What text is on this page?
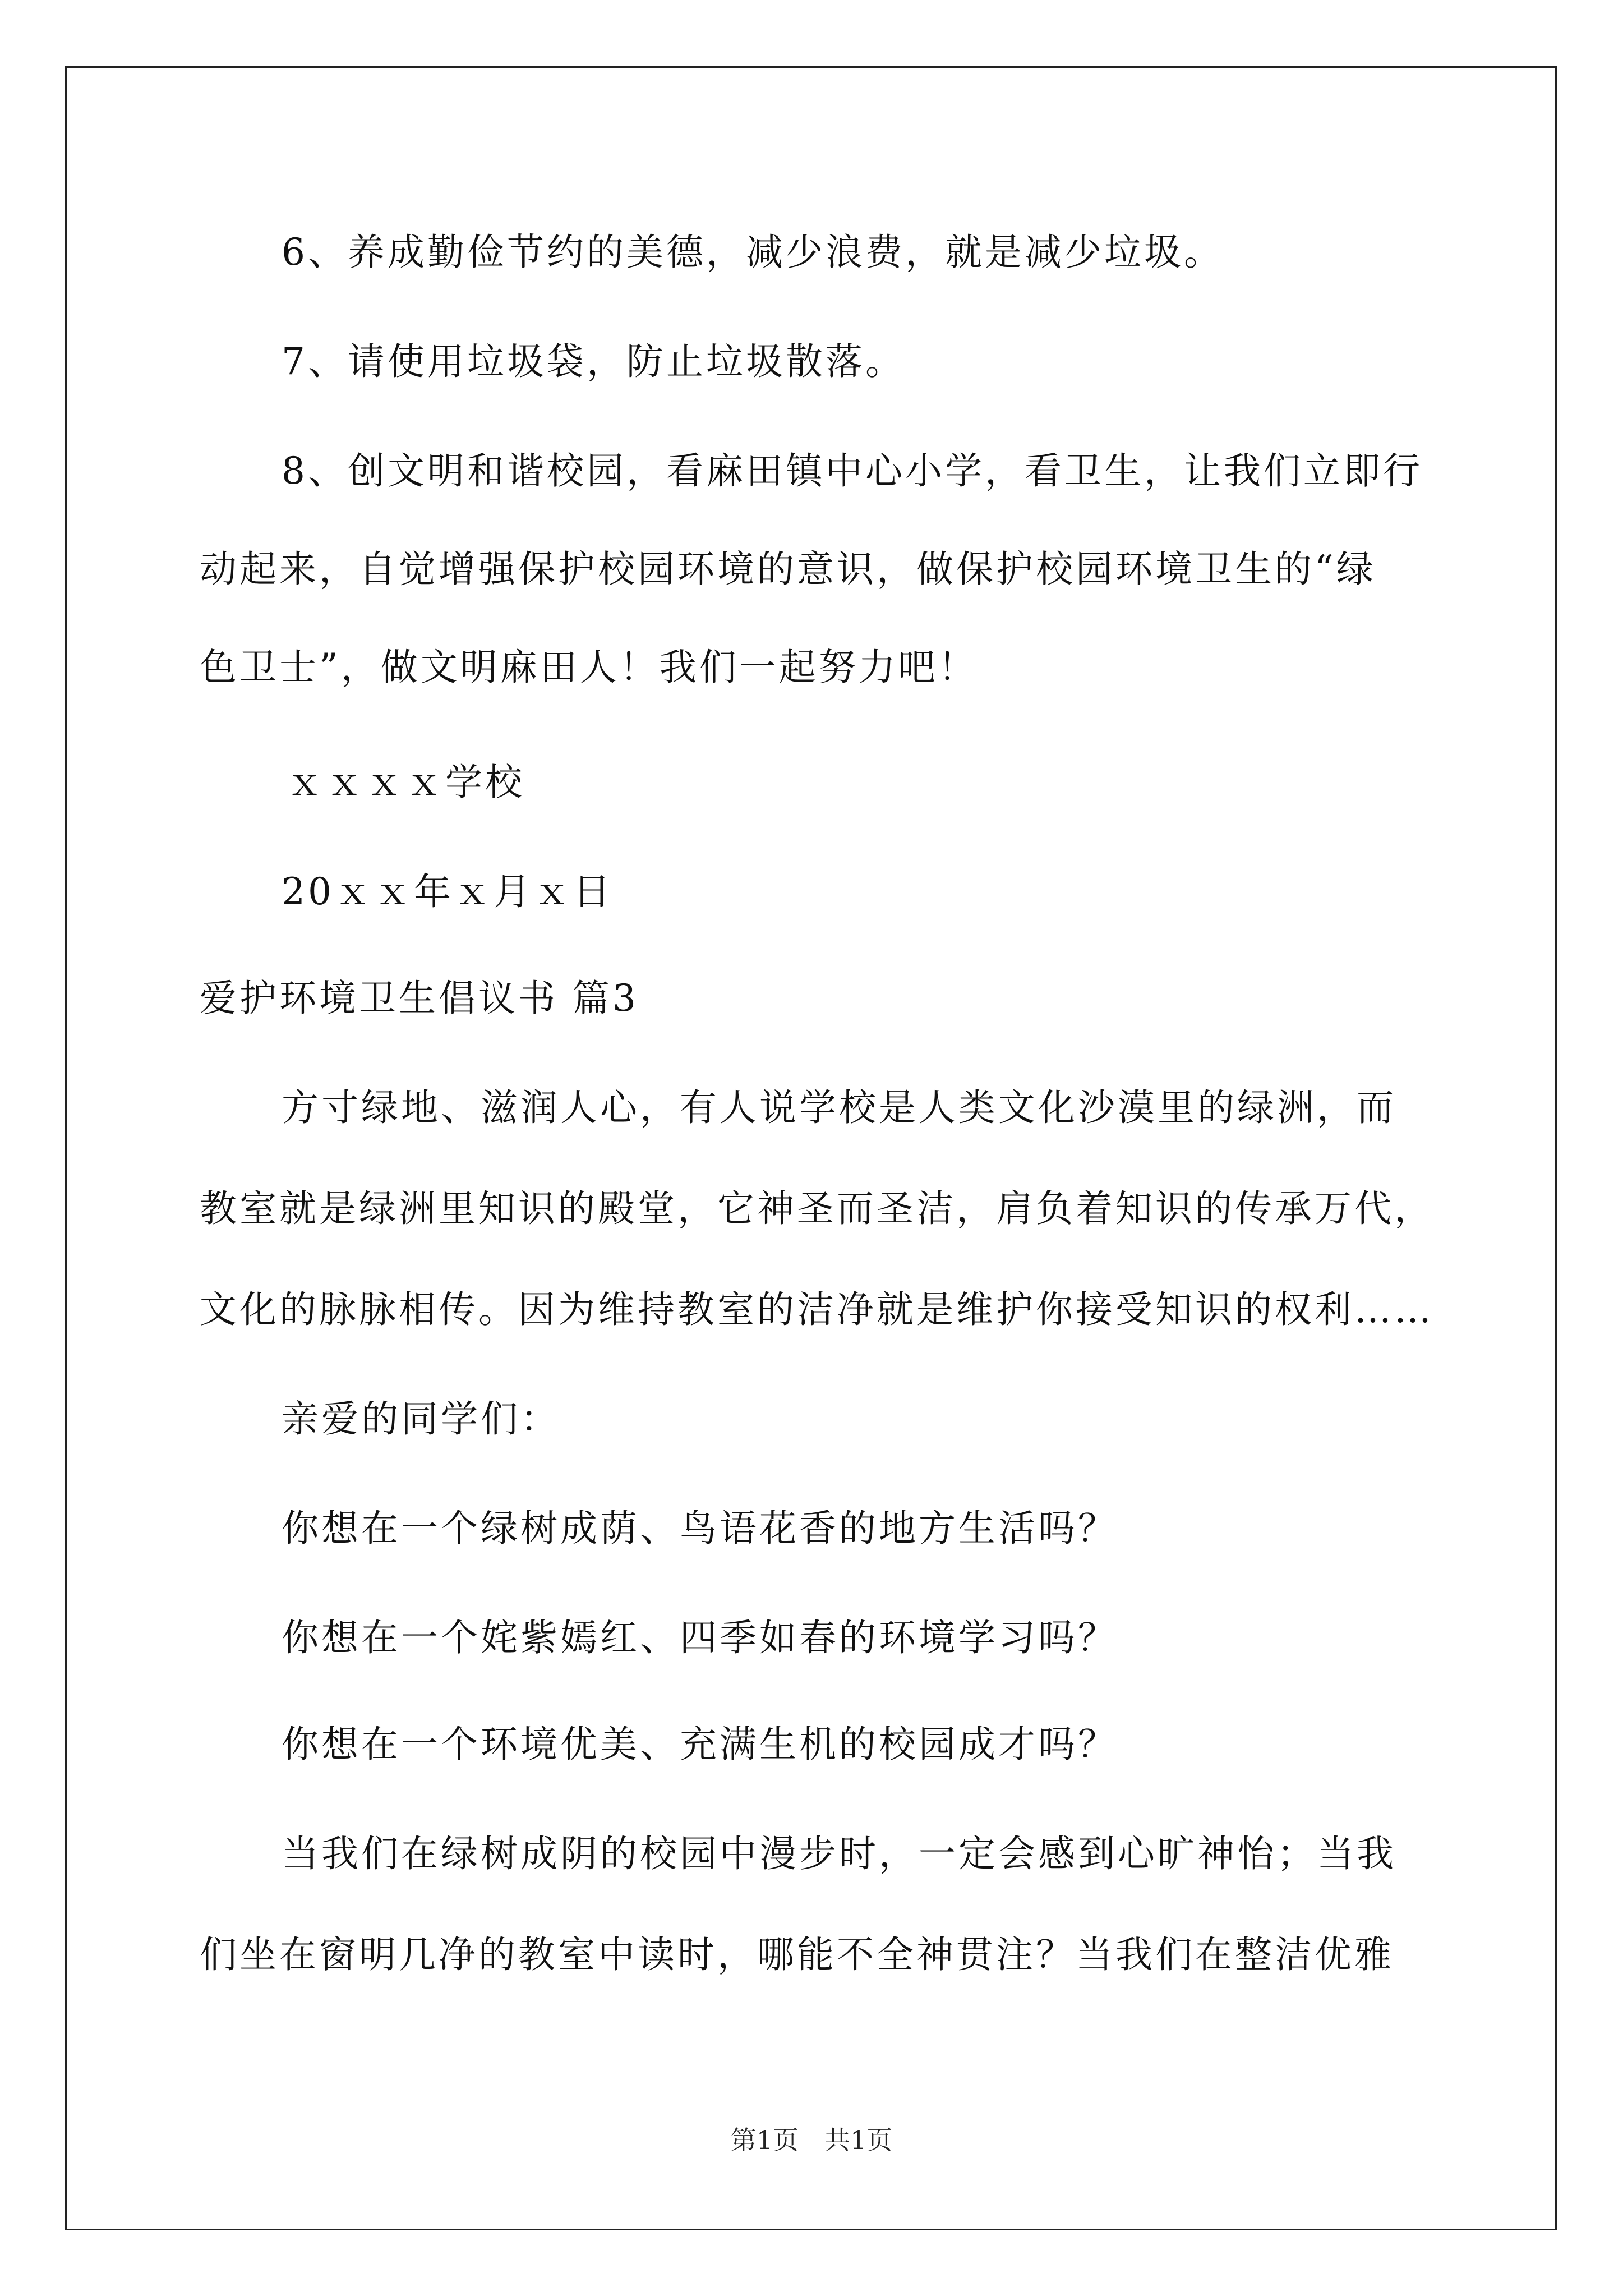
6、养成勤俭节约的美德，减少浪费，就是减少垃圾。
7、请使用垃圾袋，防止垃圾散落。
8、创文明和谐校园，看麻田镇中心小学，看卫生，让我们立即行
动起来，自觉增强保护校园环境的意识，做保护校园环境卫生的“绿
色卫士”，做文明麻田人！我们一起努力吧！
ｘｘｘｘ学校
20ｘｘ年ｘ月ｘ日
爱护环境卫生倡议书 篇3
方寸绿地、滋润人心，有人说学校是人类文化沙漠里的绿洲，而
教室就是绿洲里知识的殿堂，它神圣而圣洁，肩负着知识的传承万代，
文化的脉脉相传。因为维持教室的洁净就是维护你接受知识的权利……
亲爱的同学们：
你想在一个绿树成荫、鸟语花香的地方生活吗？
你想在一个姹紫嫣红、四季如春的环境学习吗？
你想在一个环境优美、充满生机的校园成才吗？
当我们在绿树成阴的校园中漫步时，一定会感到心旷神怡；当我
们坐在窗明几净的教室中读时，哪能不全神贯注？当我们在整洁优雅
第1页　共1页
